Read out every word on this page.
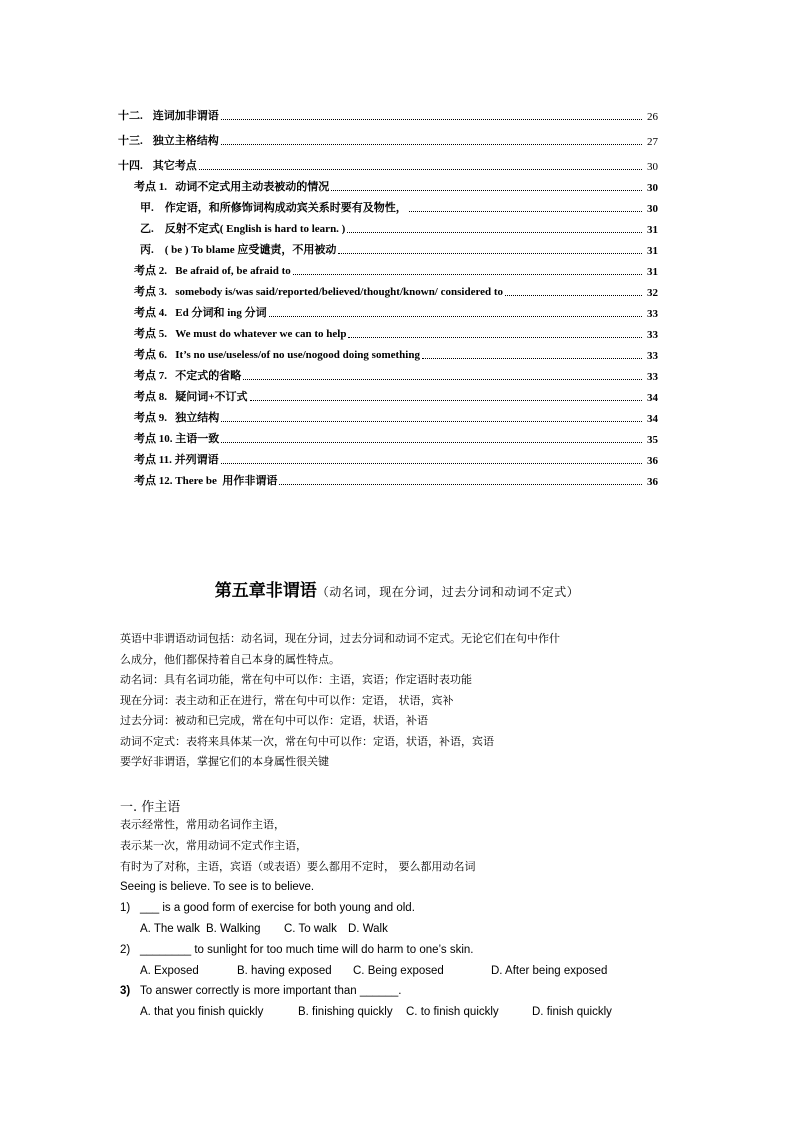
十二. 连词加非谓语	26
十三. 独立主格结构	27
十四. 其它考点	30
考点 1.   动词不定式用主动表被动的情况	30
甲.    作定语，和所修饰词构成动宾关系时要有及物性，	30
乙.    反射不定式( English is hard to learn. )	31
丙.    ( be ) To blame 应受谴责，不用被动	31
考点 2.   Be afraid of, be afraid to	31
考点 3.   somebody is/was said/reported/believed/thought/known/ considered to	32
考点 4.   Ed 分词和 ing 分词	33
考点 5.   We must do whatever we can to help	33
考点 6.   It’s no use/useless/of no use/nogood doing something	33
考点 7.   不定式的省略	33
考点 8.   疑问词+不订式	34
考点 9.   独立结构	34
考点 10. 主语一致	35
考点 11. 并列谓语	36
考点 12. There be  用作非谓语	36
第五章非谓语（动名词，现在分词，过去分词和动词不定式）

英语中非谓语动词包括：动名词，现在分词，过去分词和动词不定式。无论它们在句中作什

么成分，他们都保持着自己本身的属性特点。

动名词：具有名词功能，常在句中可以作：主语，宾语；作定语时表功能

现在分词：表主动和正在进行，常在句中可以作：定语， 状语，宾补

过去分词：被动和已完成，常在句中可以作：定语，状语，补语

动词不定式：表将来具体某一次，常在句中可以作：定语，状语，补语，宾语

要学好非谓语，掌握它们的本身属性很关键

一. 作主语

表示经常性，常用动名词作主语，

表示某一次，常用动词不定式作主语，

有时为了对称，主语，宾语（或表语）要么都用不定时， 要么都用动名词

Seeing is believe. To see is to believe.

1) ___ is a good form of exercise for both young and old.

A. The walk B. Walking C. To walk D. Walk

2) ________ to sunlight for too much time will do harm to one’s skin.

A. Exposed	B. having exposed C. Being exposed	D. After being exposed

3) To answer correctly is more important than ______.

A. that you finish quickly	B. finishing quickly C. to finish quickly	D. finish quickly
